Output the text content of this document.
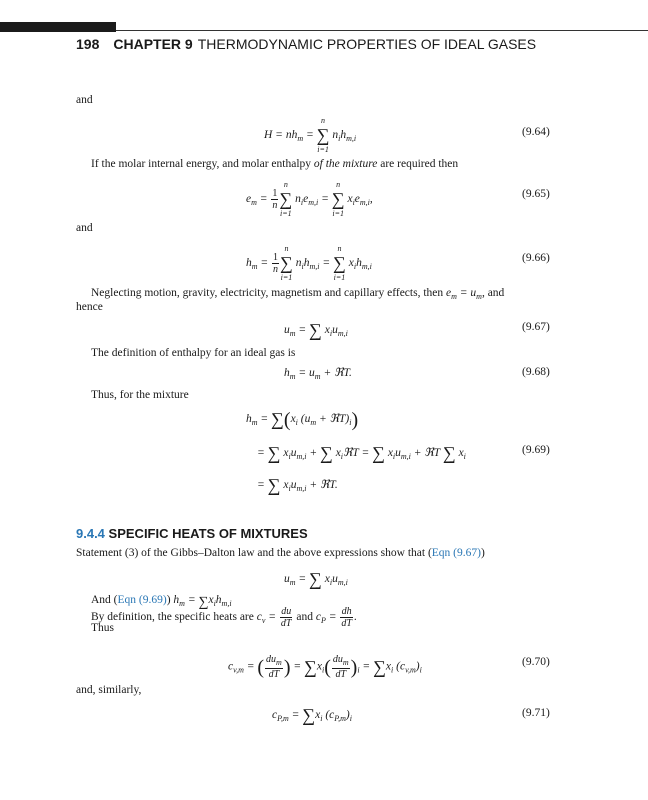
198 CHAPTER 9 THERMODYNAMIC PROPERTIES OF IDEAL GASES
and
$H = nh_m$ = ∑
n
i=1
$n_ih_{m,i}$
(9.64)
If the molar internal energy, and molar enthalpy of the mixture are required then
$e_m = \frac{1}{n}$ ∑
n
i=1
$n_ie_{m,i}$ = ∑
n
i=1
$x_ie_{m,i}$,	(9.65)
and
$h_m = \frac{1}{n}$ ∑
n
i=1
$n_ih_{m,i}$ = ∑
n
i=1
$x_ih_{m,i}$
(9.66)
Neglecting motion, gravity, electricity, magnetism and capillary effects, then $e_m = u_m$, and
hence
$u_m$ = ∑ $x_iu_{m,i}$
(9.67)
The definition of enthalpy for an ideal gas is
$h_m = u_m$ + ℜT.	(9.68)
Thus, for the mixture
$h_m = \sum(x_i$ ($u_m$ + $ℜT)_i$)
= ∑ $x_iu_{m,i}$ + ∑ $x_iℜT$ = ∑ $x_iu_{m,i}$ + ℜT ∑ $x_i$
(9.69)
= ∑ $x_iu_{m,i}$ + ℜT.
9.4.4 SPECIFIC HEATS OF MIXTURES
Statement (3) of the Gibbs–Dalton law and the above expressions show that (Eqn (9.67))
$u_m$ = ∑ $x_iu_{m,i}$
And (Eqn (9.69)) $h_m = \sum x_ih_{m,i}$
By definition, the specific heats are $c_v = \frac{du}{dT}$ and $c_P = \frac{dh}{dT}$ .
Thus
$c_{v,m}$ = ( $\frac{du_m}{dT}$ ) = $\sum x_i( \frac{du_m}{dT} )_i = \sum x_i$ $(c_{v,m})_i$
(9.70)
and, similarly,
$c_{P,m} = \sum x_i$ $(c_{P,m})_i$	(9.71)
